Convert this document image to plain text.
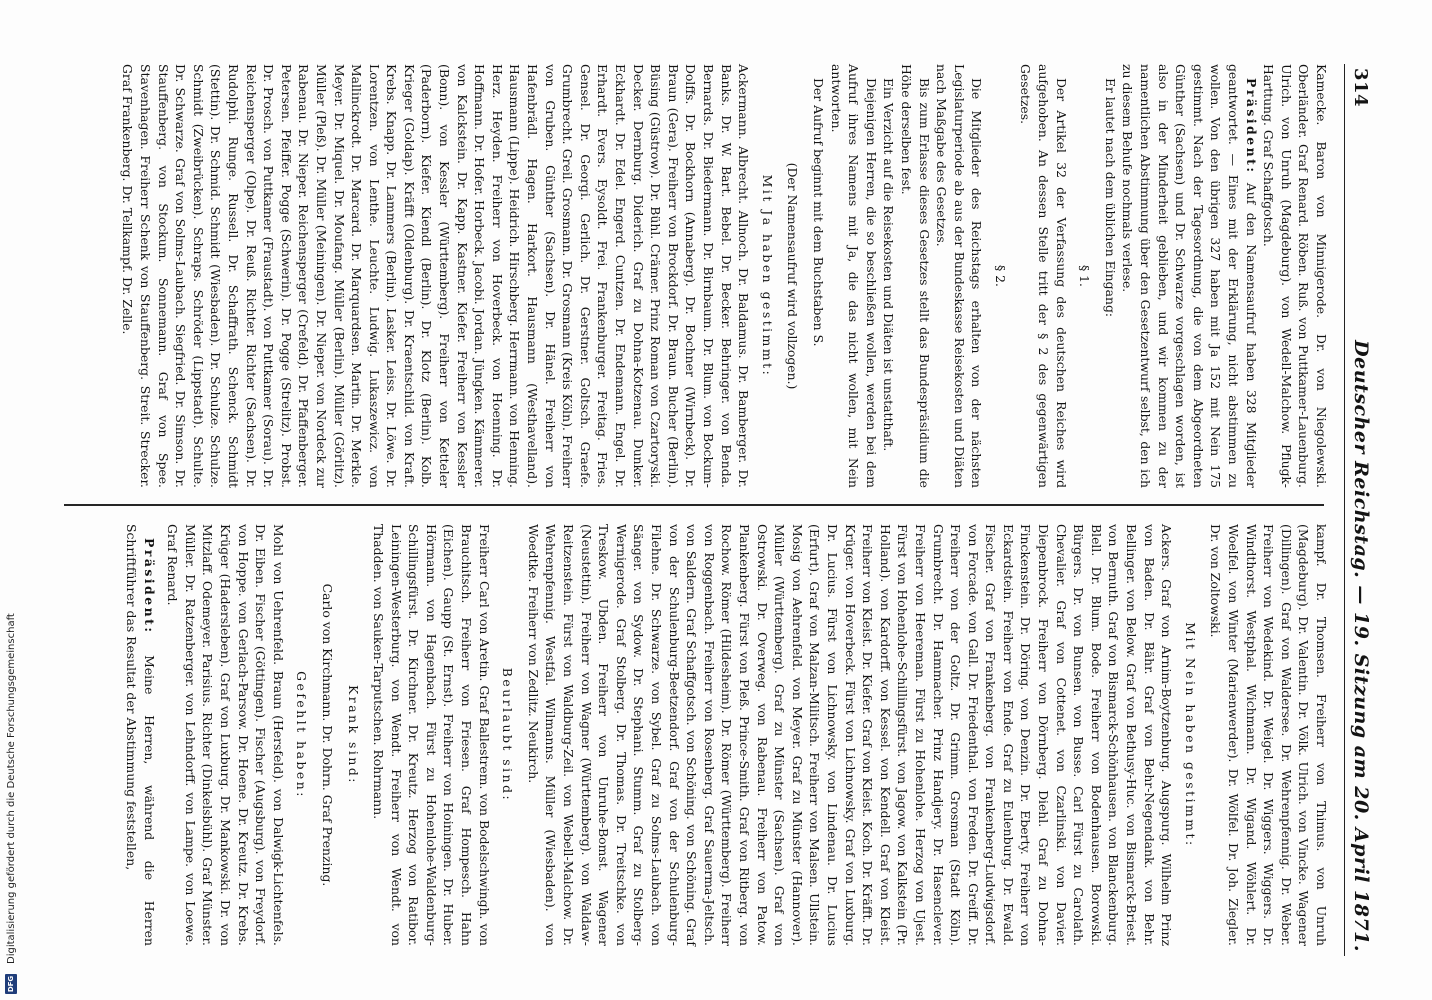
314
Deutscher Reichstag. — 19. Sitzung am 20. April 1871.

Kamecke. Baron von Minnigerode. Dr. von Niegolewski. Oberländer. Graf Renard. Röben. Ruß. von Puttkamer-Lauenburg. Ulrich. von Unruh (Magdeburg). von Wedell-Malchow. Pflugk-Harttung. Graf Schaffgotsch.

Präsident: Auf den Namensaufruf haben 328 Mitglieder geantwortet. — Eines mit der Erklärung, nicht abstimmen zu wollen. Von den übrigen 327 haben mit Ja 152 mit Nein 175 gestimmt. Nach der Tagesordnung, die von dem Abgeordneten Günther (Sachsen) und Dr. Schwarze vorgeschlagen worden, ist also in der Minderheit geblieben, und wir kommen zu der namentlichen Abstimmung über den Gesetzentwurf selbst, den ich zu diesem Behufe nochmals verlese.

Er lautet nach dem üblichen Eingang:

§ 1.

Der Artikel 32 der Verfassung des deutschen Reiches wird aufgehoben. An dessen Stelle tritt der § 2 des gegenwärtigen Gesetzes.

§ 2.

Die Mitglieder des Reichstags erhalten von der nächsten Legislaturperiode ab aus der Bundeskasse Reisekosten und Diäten nach Maßgabe des Gesetzes.

Bis zum Erlasse dieses Gesetzes stellt das Bundespräsidium die Höhe derselben fest.

Ein Verzicht auf die Reisekosten und Diäten ist unstatthaft.

Diejenigen Herren, die so beschließen wollen, werden bei dem Aufruf ihres Namens mit Ja, die das nicht wollen, mit Nein antworten.

Der Aufruf beginnt mit dem Buchstaben S.

(Der Namensaufruf wird vollzogen.)

Mit Ja haben gestimmt:

Ackermann. Albrecht. Allnoch. Dr. Baldamus. Dr. Bamberger. Dr. Banks. Dr. W. Bart. Bebel. Dr. Becker. Behringer. von Benda. Bernards. Dr. Biedermann. Dr. Birnbaum. Dr. Blum. von Bockum-Dolffs. Dr. Bockhorn (Annaberg). Dr. Bochner (Wirnbeck). Dr. Braun (Gera). Freiherr von Brockdorf. Dr. Braun. Bucher (Berlin). Büsing (Güstrow). Dr. Bühl. Crämer. Prinz Roman von Czartoryski. Decker. Dernburg. Diderich. Graf zu Dohna-Kotzenau. Dunker. Eckhardt. Dr. Edel. Engerd. Cuntzen. Dr. Endemann. Engel. Dr. Erhardt. Evers. Eysoldt. Frei. Frankenburger. Freitag. Fries. Gensel. Dr. Georgi. Gerlich. Dr. Gerstner. Goltsch. Graefe. Grumbrecht. Greil. Grosmann. Dr. Grosmann (Kreis Köln). Freiherr von Gruben. Günther (Sachsen). Dr. Hänel. Freiherr von Hafenbrädl. Hagen. Harkort. Hausmann (Westhavelland). Hausmann (Lippe). Heidrich. Hirschberg. Herrmann. von Henning. Herz. Heyden. Freiherr von Hoverbeck. von Hoenning. Dr. Hoffmann. Dr. Hofer. Horbeck. Jacobi. Jordan. Jüngken. Kämmerer. von Kalckstein. Dr. Kapp. Kastner. Kiefer. Freiherr von Kessler (Bonn). von Kessler (Württemberg). Freiherr von Ketteler (Paderborn). Kiefer. Kiendl (Berlin). Dr. Klotz (Berlin). Kolb. Krieger (Goldap). Kräfft (Oldenburg). Dr. Kraentschild. von Kraft. Krebs. Knapp. Dr. Lammers (Berlin). Lasker. Leiss. Dr. Löwe. Dr. Lorentzen. von Lenthe. Leuchte. Ludwig. Lukaszewicz. von Mallinckrodt. Dr. Marcard. Dr. Marquardsen. Martin. Dr. Merkle. Meyer. Dr. Miquel. Dr. Moufang. Müller (Berlin). Müller (Görlitz). Müller (Pleß). Dr. Müller (Meiningen). Dr. Nieper. von Nordeck zur Rabenau. Dr. Nieper. Reichensperger (Crefeld). Dr. Pfaffenberger. Petersen. Pfeiffer. Pogge (Schwerin). Dr. Pogge (Strelitz). Probst. Dr. Prosch. von Puttkamer (Fraustadt). von Puttkamer (Sorau). Dr. Reichensperger (Olpe). Dr. Reuß. Richter. Richter (Sachsen). Dr. Rudolphi. Runge. Russell. Dr. Schaffrath. Schenck. Schmidt (Stettin). Dr. Schmid. Schmidt (Wiesbaden). Dr. Schulze. Schulze. Schmidt (Zweibrücken). Schraps. Schröder (Lippstadt). Schulte. Dr. Schwarze. Graf von Solms-Laubach. Siegfried. Dr. Simson. Dr. Stauffenberg. von Stockum. Sonnemann. Graf von Spee. Stavenhagen. Freiherr Schenk von Stauffenberg. Streit. Strecker. Graf Frankenberg. Dr. Tellkampf. Dr. Zelle.

kampf. Dr. Thomsen. Freiherr von Thimus. von Unruh (Magdeburg). Dr. Valentin. Dr. Völk. Ulrich. von Vincke. Wagener (Dillingen). Graf von Waldersee. Dr. Wehrenpfennig. Dr. Weber. Freiherr von Wedekind. Dr. Weigel. Dr. Wiggers. Wiggers. Dr. Windthorst. Westphal. Wichmann. Dr. Wigand. Wöhlert. Dr. Woelfel. von Winter (Marienwerder). Dr. Wölfel. Dr. Joh. Ziegler. Dr. von Zoltowski.

Mit Nein haben gestimmt:

Ackers. Graf von Arnim-Boytzenburg. Augspurg. Wilhelm Prinz von Baden. Dr. Bähr. Graf von Behr-Negendank. von Behr. Bellinger. von Below. Graf von Bethusy-Huc. von Bismarck-Briest. von Bernuth. Graf von Bismarck-Schönhausen. von Blanckenburg. Blell. Dr. Blum. Bode. Freiherr von Bodenhausen. Borowski. Bürgers. Dr. von Bunsen. von Busse. Carl Fürst zu Carolath. Chevalier. Graf von Cottenet. von Czarlinski. von Davier. Diepenbrock. Freiherr von Dörnberg. Diehl. Graf zu Dohna-Finckenstein. Dr. Döring. von Denzin. Dr. Eberty. Freiherr von Eckardstein. Freiherr von Ende. Graf zu Eulenburg. Dr. Ewald. Fischer. Graf von Frankenberg. von Frankenberg-Ludwigsdorf. von Forcade. von Gall. Dr. Friedenthal. von Freden. Dr. Greiff. Dr. Freiherr von der Goltz. Dr. Grimm. Grosman (Stadt Köln). Grumbrecht. Dr. Hammacher. Prinz Handjery. Dr. Hasenclever. Freiherr von Heereman. Fürst zu Hohenlohe. Herzog von Ujest. Fürst von Hohenlohe-Schillingsfürst. von Jagow. von Kalkstein (Pr. Holland). von Kardorff. von Kessel. von Kendell. Graf von Kleist. Freiherr von Kleist. Dr. Kiefer. Graf von Kleist. Koch. Dr. Kräfft. Dr. Krüger. von Hoverbeck. Fürst von Lichnowsky. Graf von Luxburg. Dr. Lucius. Fürst von Lichnowsky. von Lindenau. Dr. Lucius (Erfurt). Graf von Malzan-Militsch. Freiherr von Malsen. Ullstein. Mosig von Aehrenfeld. von Meyer. Graf zu Münster (Hannover). Müller (Württemberg). Graf zu Münster (Sachsen). Graf von Ostrowski. Dr. Overweg. von Rabenau. Freiherr von Patow. Plankenberg. Fürst von Pleß. Prince-Smith. Graf von Ritberg. von Rochow. Römer (Hildesheim). Dr. Römer (Württemberg). Freiherr von Roggenbach. Freiherr von Rosenberg. Graf Sauerma-Jeltsch. von Saldern. Graf Schaffgotsch. von Schöning. von Schöning. Graf von der Schulenburg-Beetzendorf. Graf von der Schulenburg-Filehne. Dr. Schwarze. von Sybel. Graf zu Solms-Laubach. von Sänger. von Sydow. Dr. Stephani. Stumm. Graf zu Stolberg-Wernigerode. Graf Stolberg. Dr. Thomas. Dr. Treitschke. von Treskow. Ubden. Freiherr von Unruhe-Bomst. Wagener (Neustettin). Freiherr von Wagner (Württemberg). von Waldaw-Reitzenstein. Fürst von Waldburg-Zeil. von Webell-Malchow. Dr. Wehrenpfennig. Westfal. Wilmanns. Müller (Wiesbaden). von Woedtke. Freiherr von Zedlitz. Neukirch.

Beurlaubt sind:

Freiherr Carl von Aretin. Graf Ballestrem. von Bodelschwingh. von Brauchitsch. Freiherr von Friesen. Graf Hompesch. Hahn (Eichen). Gaupp (St. Ernst). Freiherr von Hoiningen. Dr. Huber. Hörmann. von Hagenbach. Fürst zu Hohenlohe-Waldenburg-Schillingsfürst. Dr. Kirchner. Dr. Kreutz. Herzog von Ratibor. Leiningen-Westerburg. von Wendt. Freiherr von Wendt. von Thadden. von Sauken-Tarputschen. Rohrmann.

Krank sind:

Carlo von Kirchmann. Dr. Dohrn. Graf Prenzing.

Gefehlt haben:

Mohl von Uehrenfeld. Braun (Hersfeld). von Dalwigk-Lichtenfels. Dr. Eiben. Fischer (Göttingen). Fischer (Augsburg). von Freydorf. von Hoppe. von Gerlach-Parsow. Dr. Hoene. Dr. Kreutz. Dr. Krebs. Krüger (Hadersleben). Graf von Luxburg. Dr. Mankowski. Dr. von Mitzlaff. Odemeyer. Parisius. Richter (Dinkelsbühl). Graf Münster. Müller. Dr. Ratzenberger. von Lehndorff. von Lampe. von Loewe. Graf Renard.

Präsident: Meine Herren, während die Herren Schriftführer das Resultat der Abstimmung feststellen,

DFG
Digitalisierung gefördert durch die Deutsche Forschungsgemeinschaft
